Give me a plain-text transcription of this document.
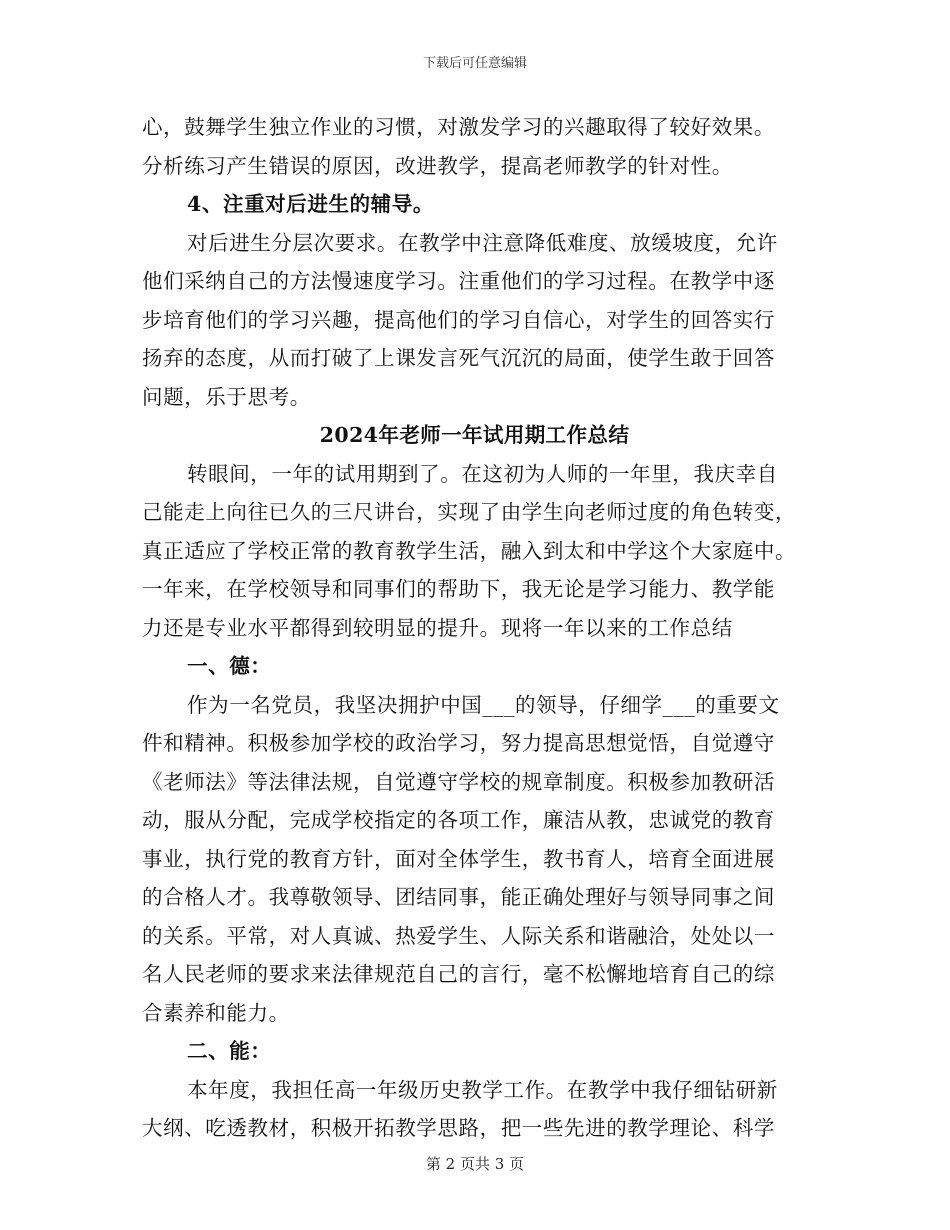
下载后可任意编辑
心，鼓舞学生独立作业的习惯，对激发学习的兴趣取得了较好效果。
分析练习产生错误的原因，改进教学，提高老师教学的针对性。
4、注重对后进生的辅导。
对后进生分层次要求。在教学中注意降低难度、放缓坡度，允许
他们采纳自己的方法慢速度学习。注重他们的学习过程。在教学中逐
步培育他们的学习兴趣，提高他们的学习自信心，对学生的回答实行
扬弃的态度，从而打破了上课发言死气沉沉的局面，使学生敢于回答
问题，乐于思考。
2024年老师一年试用期工作总结
转眼间，一年的试用期到了。在这初为人师的一年里，我庆幸自
己能走上向往已久的三尺讲台，实现了由学生向老师过度的角色转变，
真正适应了学校正常的教育教学生活，融入到太和中学这个大家庭中。
一年来，在学校领导和同事们的帮助下，我无论是学习能力、教学能
力还是专业水平都得到较明显的提升。现将一年以来的工作总结
一、德：
作为一名党员，我坚决拥护中国___的领导，仔细学___的重要文
件和精神。积极参加学校的政治学习，努力提高思想觉悟，自觉遵守
《老师法》等法律法规，自觉遵守学校的规章制度。积极参加教研活
动，服从分配，完成学校指定的各项工作，廉洁从教，忠诚党的教育
事业，执行党的教育方针，面对全体学生，教书育人，培育全面进展
的合格人才。我尊敬领导、团结同事，能正确处理好与领导同事之间
的关系。平常，对人真诚、热爱学生、人际关系和谐融洽，处处以一
名人民老师的要求来法律规范自己的言行，毫不松懈地培育自己的综
合素养和能力。
二、能：
本年度，我担任高一年级历史教学工作。在教学中我仔细钻研新
大纲、吃透教材，积极开拓教学思路，把一些先进的教学理论、科学
第 2 页共 3 页
